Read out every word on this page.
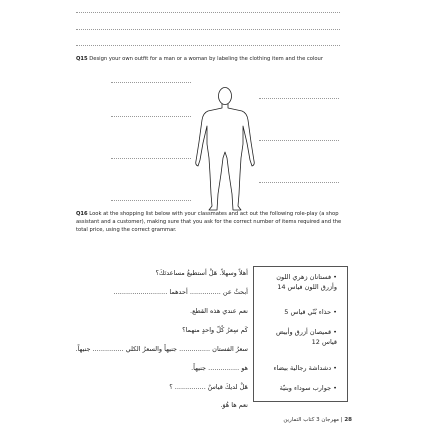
Q15 Design your own outfit for a man or a woman by labeling the clothing item and the colour
Q16 Look at the shopping list below with your classmates and act out the following role-play (a shop assistant and a customer), making sure that you ask for the correct number of items required and the total price, using the correct grammar.
• فستانان زهري اللون وأزرق اللون فياس 14
• حذاء بُنّي قياس 5
• قميصان أزرق وأبيض قياس 12
• دشداشة رجالية بيضاء
• جوارب سوداء وبنيّة
أهلاً وسهلاً. هَلْ أستطيعُ مساعدتَكَ؟
أبحثُ عن ............... أحدهما ..........................
نعم عندي هذه القطع.
كَم سِعرُ كُلّ واحدٍ منهما؟
سعرُ الفستان ............... جنيهاً والسعرُ الكلي ............... جنيهاً.
هو ............... جنيهاً.
هَلْ لديكَ قياسٌ ............... ؟
نعم ها هُوَ.
28 | مهرجان 3 كتاب التمارين
